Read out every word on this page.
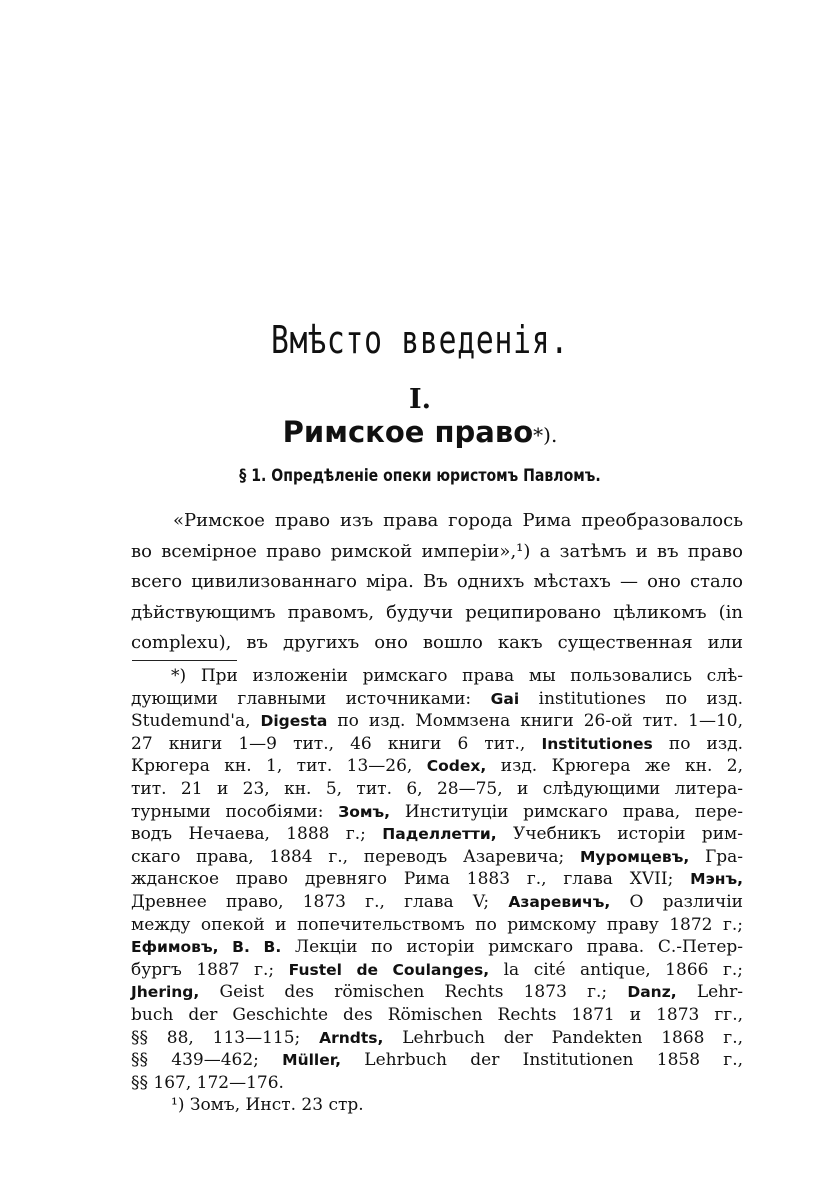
Вмѣсто введенія.
I.
Римское право*).
§ 1. Опредѣленіе опеки юристомъ Павломъ.
«Римское право изъ права города Рима преобразовалось
во всемірное право римской имперіи»,¹) а затѣмъ и въ право
всего цивилизованнаго міра. Въ однихъ мѣстахъ — оно стало
дѣйствующимъ правомъ, будучи реципировано цѣликомъ (in
complexu), въ другихъ оно вошло какъ существенная или
*) При изложеніи римскаго права мы пользовались слѣ-
дующими главными источниками: Gai institutiones по изд.
Studemund'a, Digesta по изд. Моммзена книги 26-ой тит. 1—10,
27 книги 1—9 тит., 46 книги 6 тит., Institutiones по изд.
Крюгера кн. 1, тит. 13—26, Codex, изд. Крюгера же кн. 2,
тит. 21 и 23, кн. 5, тит. 6, 28—75, и слѣдующими литера-
турными пособіями: Зомъ, Институціи римскаго права, пере-
водъ Нечаева, 1888 г.; Паделлетти, Учебникъ исторіи рим-
скаго права, 1884 г., переводъ Азаревича; Муромцевъ, Гра-
жданское право древняго Рима 1883 г., глава XVII; Мэнъ,
Древнее право, 1873 г., глава V; Азаревичъ, О различіи
между опекой и попечительствомъ по римскому праву 1872 г.;
Ефимовъ, В. В. Лекціи по исторіи римскаго права. С.-Петер-
бургъ 1887 г.; Fustel de Coulanges, la cité antique, 1866 г.;
Jhering, Geist des römischen Rechts 1873 г.; Danz, Lehr-
buch der Geschichte des Römischen Rechts 1871 и 1873 гг.,
§§ 88, 113—115; Arndts, Lehrbuch der Pandekten 1868 г.,
§§ 439—462; Müller, Lehrbuch der Institutionen 1858 г.,
§§ 167, 172—176.
¹) Зомъ, Инст. 23 стр.
